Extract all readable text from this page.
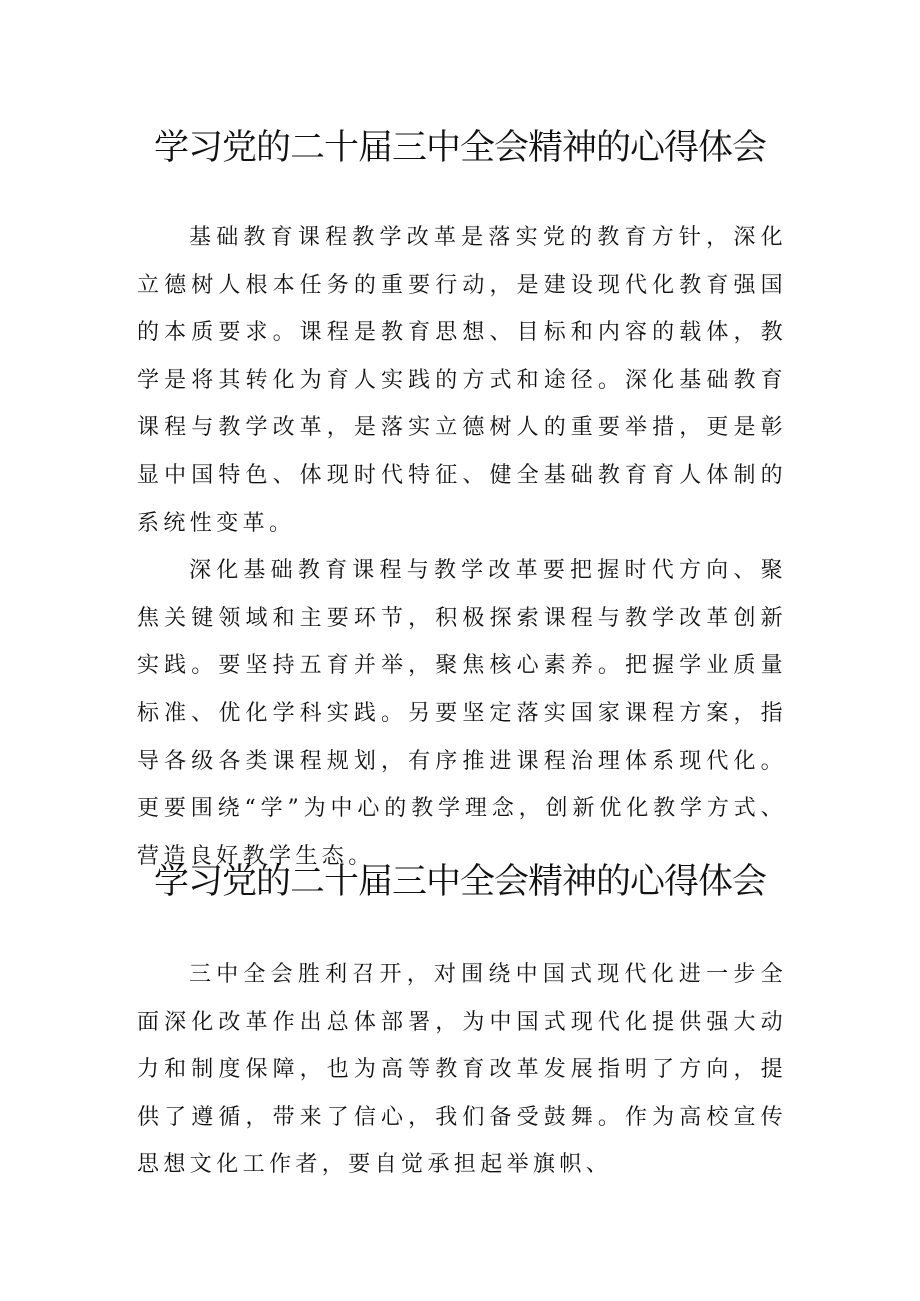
学习党的二十届三中全会精神的心得体会

基础教育课程教学改革是落实党的教育方针，深化立德树人根本任务的重要行动，是建设现代化教育强国的本质要求。课程是教育思想、目标和内容的载体，教学是将其转化为育人实践的方式和途径。深化基础教育课程与教学改革，是落实立德树人的重要举措，更是彰显中国特色、体现时代特征、健全基础教育育人体制的系统性变革。

深化基础教育课程与教学改革要把握时代方向、聚焦关键领域和主要环节，积极探索课程与教学改革创新实践。要坚持五育并举，聚焦核心素养。把握学业质量标准、优化学科实践。另要坚定落实国家课程方案，指导各级各类课程规划，有序推进课程治理体系现代化。更要围绕“学”为中心的教学理念，创新优化教学方式、营造良好教学生态。

学习党的二十届三中全会精神的心得体会

三中全会胜利召开，对围绕中国式现代化进一步全面深化改革作出总体部署，为中国式现代化提供强大动力和制度保障，也为高等教育改革发展指明了方向，提供了遵循，带来了信心，我们备受鼓舞。作为高校宣传思想文化工作者，要自觉承担起举旗帜、
